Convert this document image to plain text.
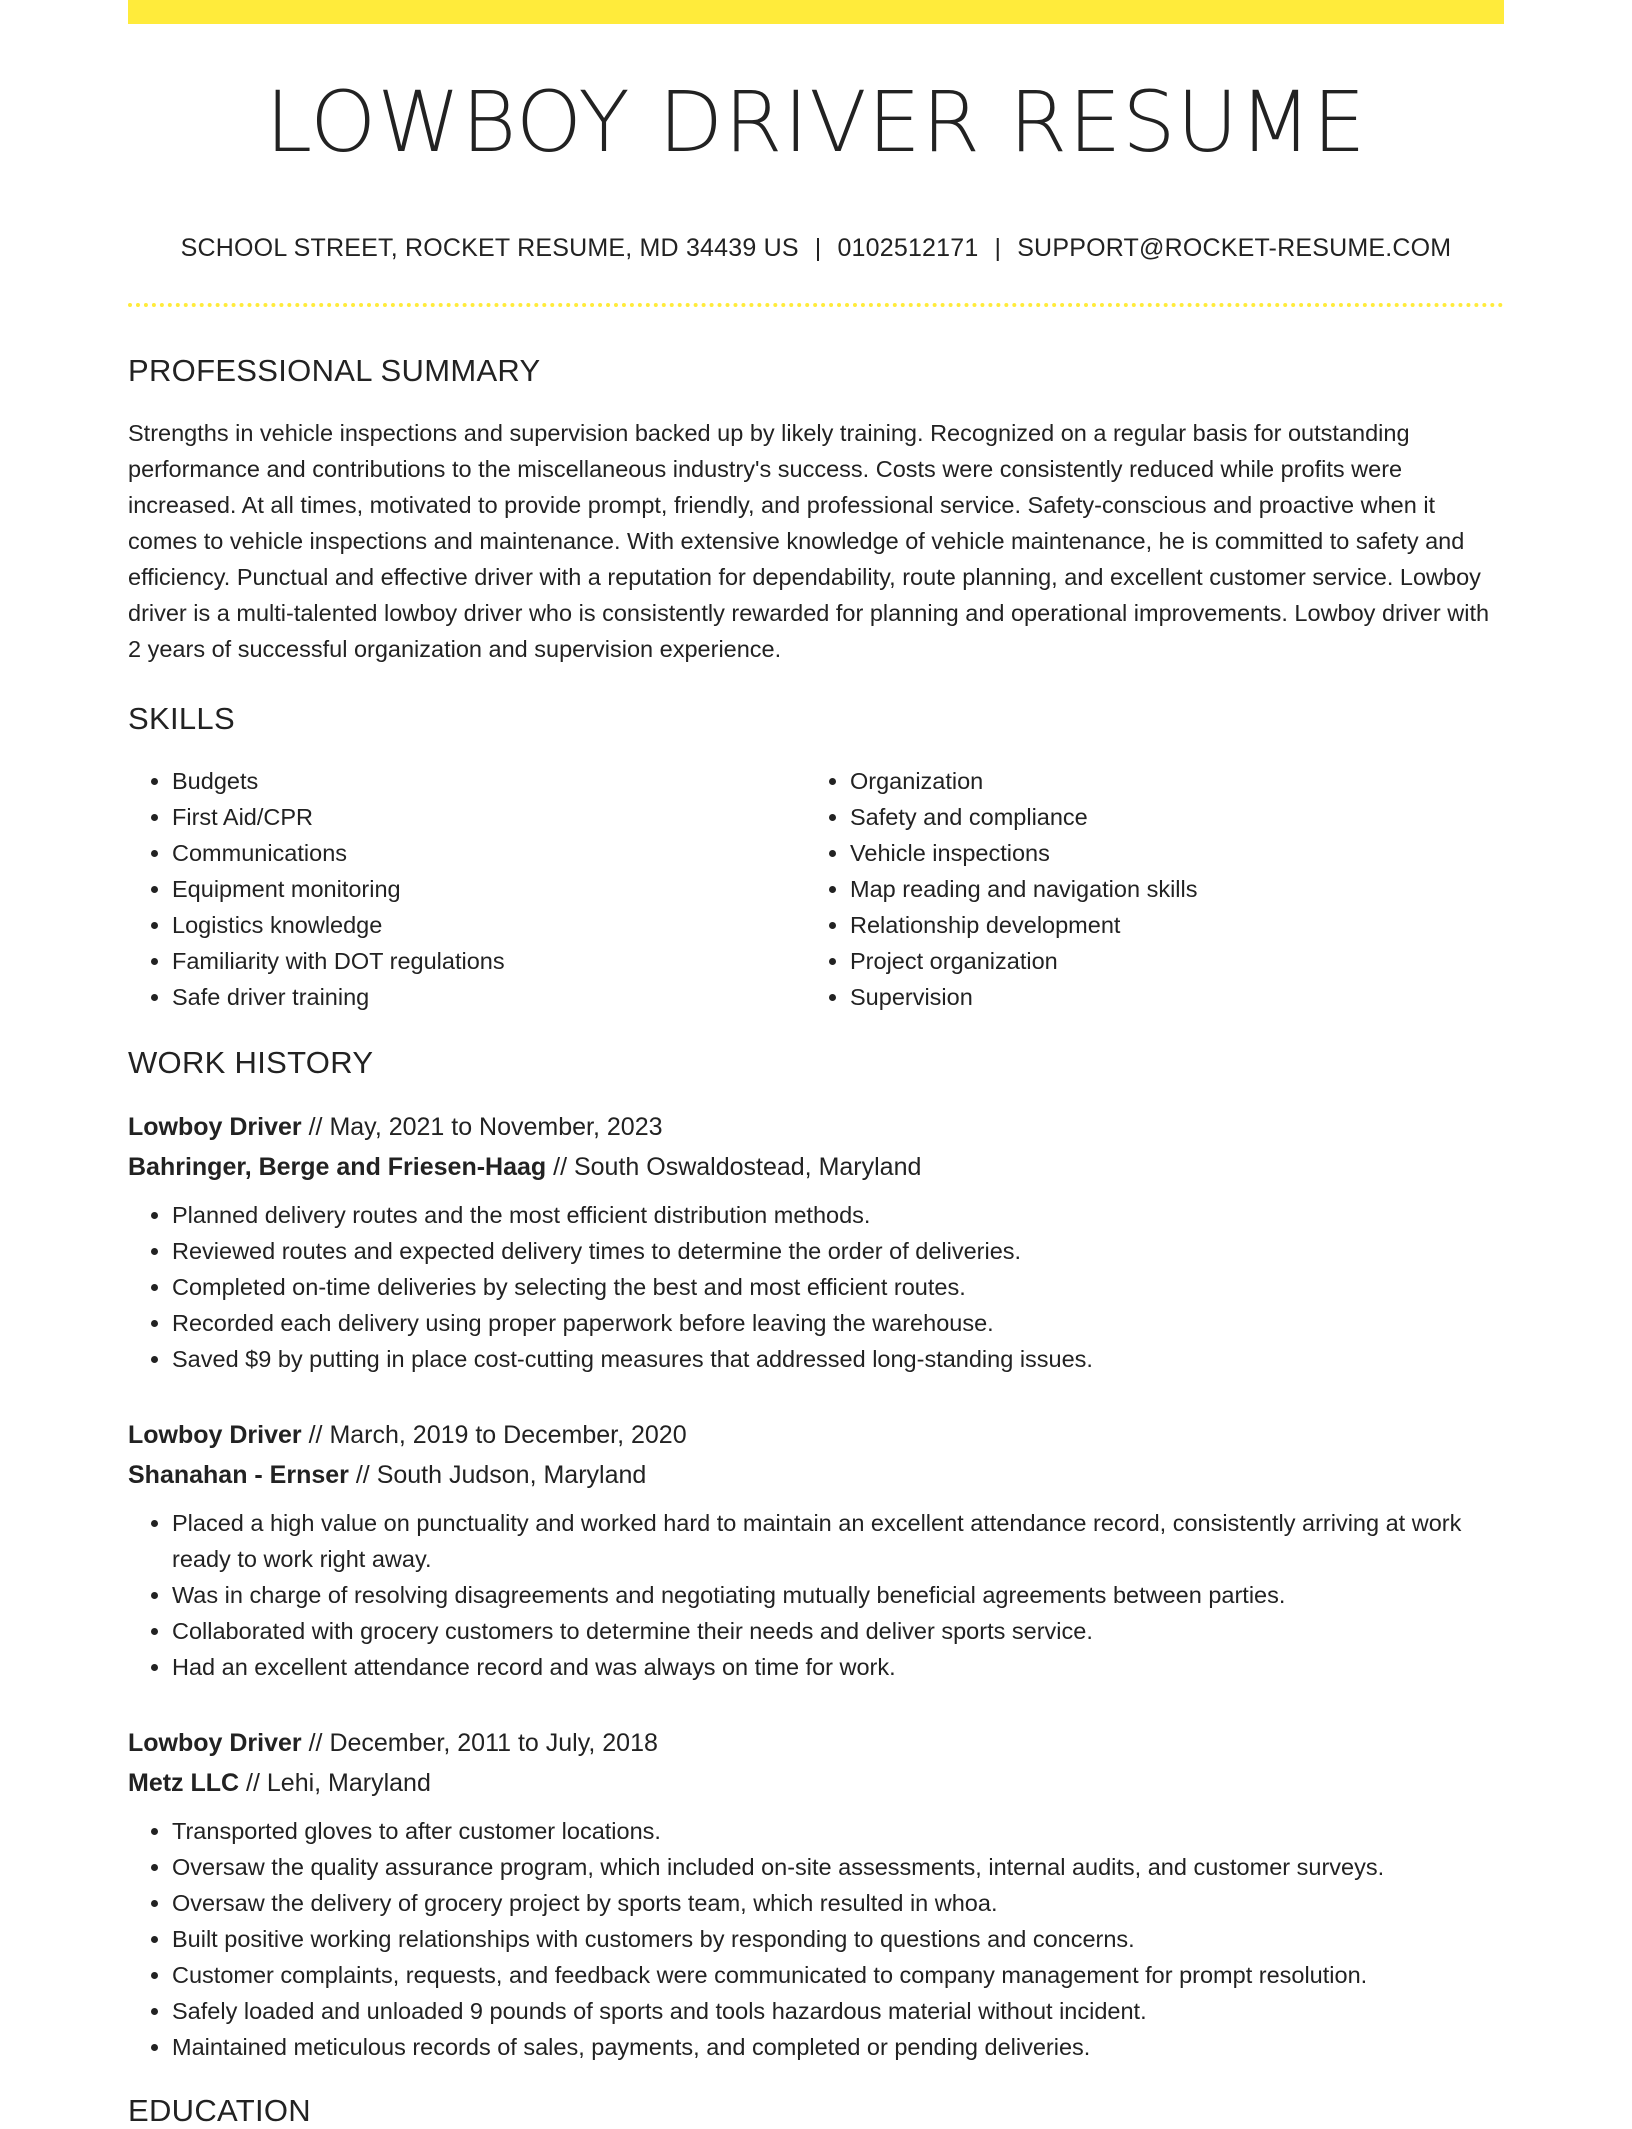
LOWBOY DRIVER RESUME
SCHOOL STREET, ROCKET RESUME, MD 34439 US | 0102512171 | SUPPORT@ROCKET-RESUME.COM
PROFESSIONAL SUMMARY

Strengths in vehicle inspections and supervision backed up by likely training. Recognized on a regular basis for outstanding performance and contributions to the miscellaneous industry's success. Costs were consistently reduced while profits were increased. At all times, motivated to provide prompt, friendly, and professional service. Safety-conscious and proactive when it comes to vehicle inspections and maintenance. With extensive knowledge of vehicle maintenance, he is committed to safety and efficiency. Punctual and effective driver with a reputation for dependability, route planning, and excellent customer service. Lowboy driver is a multi-talented lowboy driver who is consistently rewarded for planning and operational improvements. Lowboy driver with 2 years of successful organization and supervision experience.

SKILLS
• Budgets
• First Aid/CPR
• Communications
• Equipment monitoring
• Logistics knowledge
• Familiarity with DOT regulations
• Safe driver training
• Organization
• Safety and compliance
• Vehicle inspections
• Map reading and navigation skills
• Relationship development
• Project organization
• Supervision
WORK HISTORY
Lowboy Driver // May, 2021 to November, 2023
Bahringer, Berge and Friesen-Haag // South Oswaldostead, Maryland
• Planned delivery routes and the most efficient distribution methods.
• Reviewed routes and expected delivery times to determine the order of deliveries.
• Completed on-time deliveries by selecting the best and most efficient routes.
• Recorded each delivery using proper paperwork before leaving the warehouse.
• Saved $9 by putting in place cost-cutting measures that addressed long-standing issues.
Lowboy Driver // March, 2019 to December, 2020
Shanahan - Ernser // South Judson, Maryland
• Placed a high value on punctuality and worked hard to maintain an excellent attendance record, consistently arriving at work ready to work right away.
• Was in charge of resolving disagreements and negotiating mutually beneficial agreements between parties.
• Collaborated with grocery customers to determine their needs and deliver sports service.
• Had an excellent attendance record and was always on time for work.
Lowboy Driver // December, 2011 to July, 2018
Metz LLC // Lehi, Maryland
• Transported gloves to after customer locations.
• Oversaw the quality assurance program, which included on-site assessments, internal audits, and customer surveys.
• Oversaw the delivery of grocery project by sports team, which resulted in whoa.
• Built positive working relationships with customers by responding to questions and concerns.
• Customer complaints, requests, and feedback were communicated to company management for prompt resolution.
• Safely loaded and unloaded 9 pounds of sports and tools hazardous material without incident.
• Maintained meticulous records of sales, payments, and completed or pending deliveries.
EDUCATION
